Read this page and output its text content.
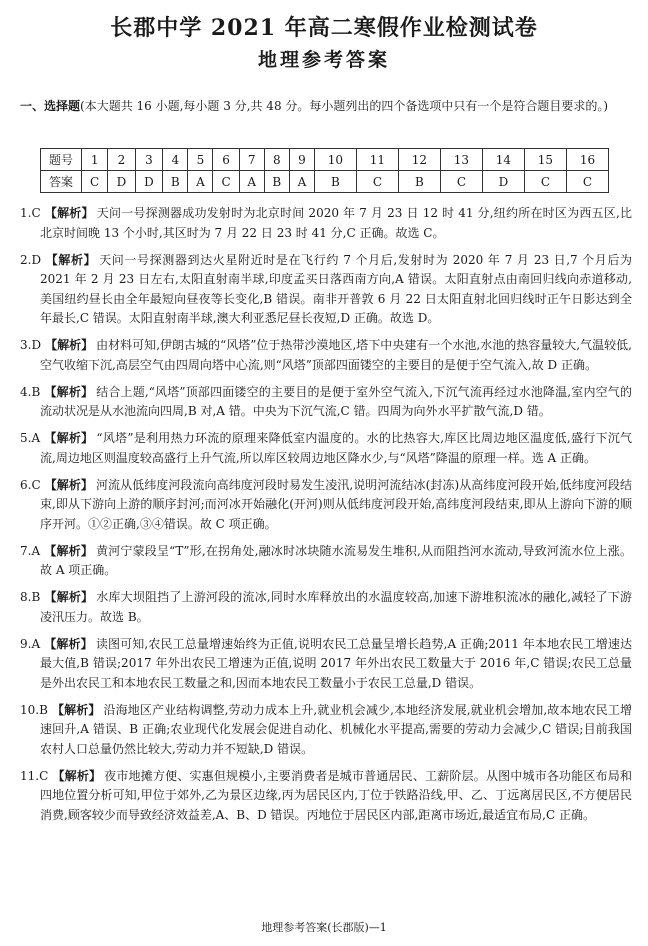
长郡中学 2021 年高二寒假作业检测试卷
地理参考答案
一、选择题(本大题共 16 小题,每小题 3 分,共 48 分。每小题列出的四个备选项中只有一个是符合题目要求的。)
题号	1	2	3	4	5	6	7	8	9	10	11	12	13	14	15	16
答案	C	D	D	B	A	C	A	B	A	B	C	B	C	D	C	C
1.C 【解析】 天问一号探测器成功发射时为北京时间 2020 年 7 月 23 日 12 时 41 分,纽约所在时区为西五区,比北京时间晚 13 个小时,其区时为 7 月 22 日 23 时 41 分,C 正确。故选 C。
2.D 【解析】 天问一号探测器到达火星附近时是在飞行约 7 个月后,发射时为 2020 年 7 月 23 日,7 个月后为 2021 年 2 月 23 日左右,太阳直射南半球,印度孟买日落西南方向,A 错误。太阳直射点由南回归线向赤道移动,美国纽约昼长由全年最短向昼夜等长变化,B 错误。南非开普敦 6 月 22 日太阳直射北回归线时正午日影达到全年最长,C 错误。太阳直射南半球,澳大利亚悉尼昼长夜短,D 正确。故选 D。
3.D 【解析】 由材料可知,伊朗古城的“风塔”位于热带沙漠地区,塔下中央建有一个水池,水池的热容量较大,气温较低,空气收缩下沉,高层空气由四周向塔中心流,则“风塔”顶部四面镂空的主要目的是便于空气流入,故 D 正确。
4.B 【解析】 结合上题,“风塔”顶部四面镂空的主要目的是便于室外空气流入,下沉气流再经过水池降温,室内空气的流动状况是从水池流向四周,B 对,A 错。中央为下沉气流,C 错。四周为向外水平扩散气流,D 错。
5.A 【解析】 “风塔”是利用热力环流的原理来降低室内温度的。水的比热容大,库区比周边地区温度低,盛行下沉气流,周边地区则温度较高盛行上升气流,所以库区较周边地区降水少,与“风塔”降温的原理一样。选 A 正确。
6.C 【解析】 河流从低纬度河段流向高纬度河段时易发生凌汛,说明河流结冰(封冻)从高纬度河段开始,低纬度河段结束,即从下游向上游的顺序封河;而河冰开始融化(开河)则从低纬度河段开始,高纬度河段结束,即从上游向下游的顺序开河。①②正确,③④错误。故 C 项正确。
7.A 【解析】 黄河宁蒙段呈“T”形,在拐角处,融冰时冰块随水流易发生堆积,从而阻挡河水流动,导致河流水位上涨。故 A 项正确。
8.B 【解析】 水库大坝阻挡了上游河段的流冰,同时水库释放出的水温度较高,加速下游堆积流冰的融化,减轻了下游凌汛压力。故选 B。
9.A 【解析】 读图可知,农民工总量增速始终为正值,说明农民工总量呈增长趋势,A 正确;2011 年本地农民工增速达最大值,B 错误;2017 年外出农民工增速为正值,说明 2017 年外出农民工数量大于 2016 年,C 错误;农民工总量是外出农民工和本地农民工数量之和,因而本地农民工数量小于农民工总量,D 错误。
10.B 【解析】 沿海地区产业结构调整,劳动力成本上升,就业机会减少,本地经济发展,就业机会增加,故本地农民工增速回升,A 错误、B 正确;农业现代化发展会促进自动化、机械化水平提高,需要的劳动力会减少,C 错误;目前我国农村人口总量仍然比较大,劳动力并不短缺,D 错误。
11.C 【解析】 夜市地摊方便、实惠但规模小,主要消费者是城市普通居民、工薪阶层。从图中城市各功能区布局和四地位置分析可知,甲位于郊外,乙为景区边缘,丙为居民区内,丁位于铁路沿线,甲、乙、丁远离居民区,不方便居民消费,顾客较少而导致经济效益差,A、B、D 错误。丙地位于居民区内部,距离市场近,最适宜布局,C 正确。
地理参考答案(长郡版)—1
